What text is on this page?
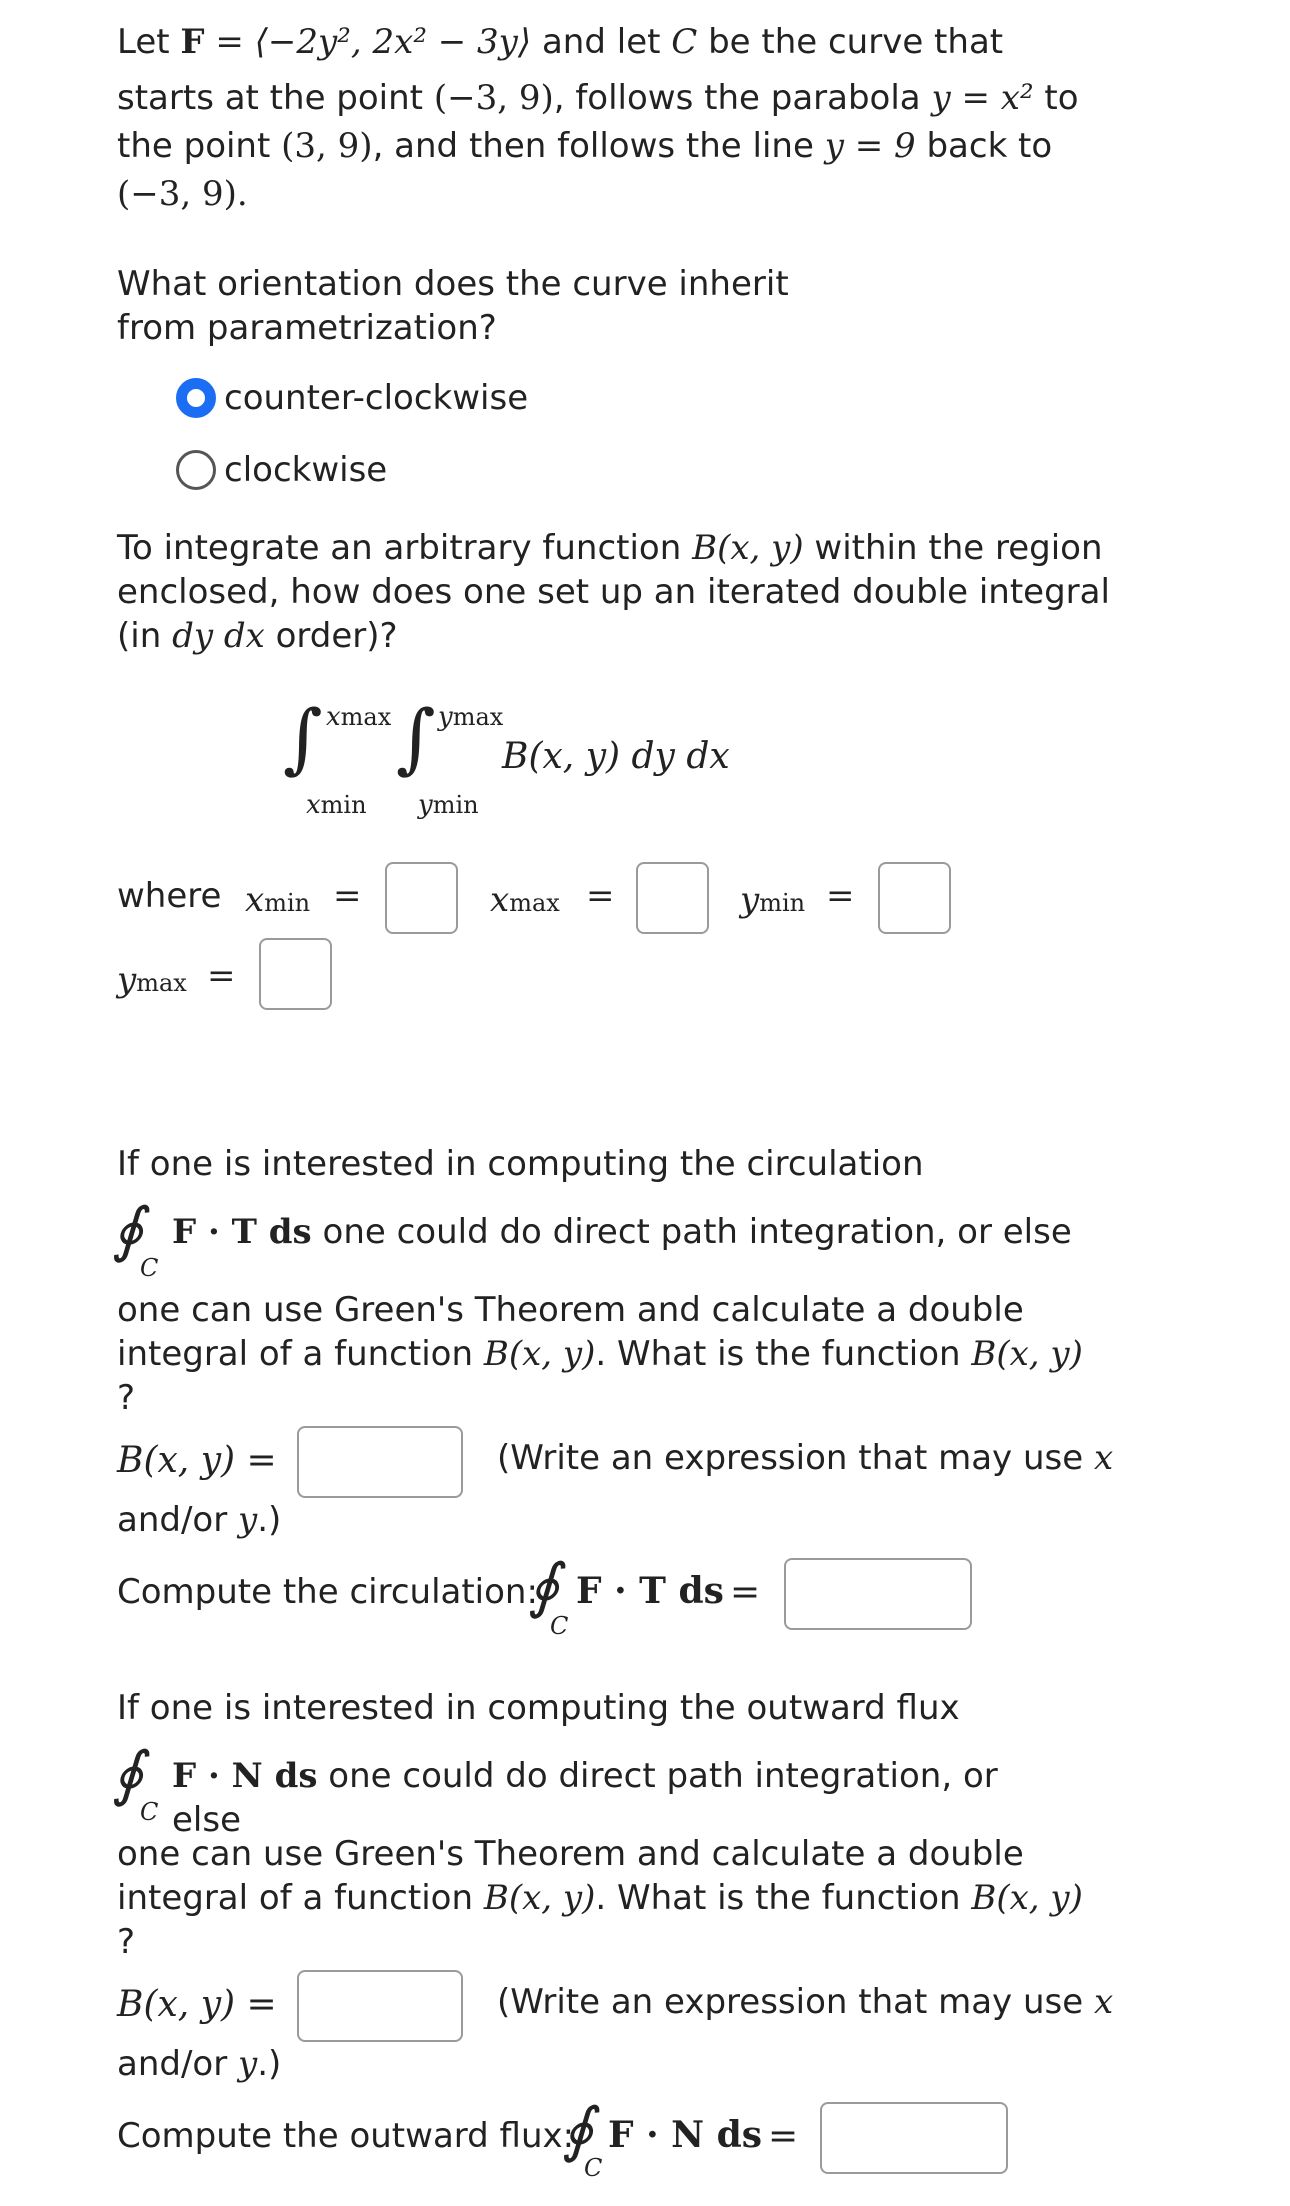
Let F = ⟨−2y², 2x² − 3y⟩ and let C be the curve that
starts at the point (−3, 9), follows the parabola y = x² to
the point (3, 9), and then follows the line y = 9 back to
(−3, 9).
What orientation does the curve inherit from parametrization?
counter-clockwise
clockwise
To integrate an arbitrary function B(x, y) within the region enclosed, how does one set up an iterated double integral (in dy dx order)?
∫ xmax
xmin
∫ ymax
ymin
B(x, y) dy dx
where xmin =	xmax =	ymin =
ymax =
If one is interested in computing the circulation
∮
C
F · T ds one could do direct path integration, or else
one can use Green's Theorem and calculate a double integral of a function B(x, y). What is the function B(x, y)
?
B(x, y) =	(Write an expression that may use x
and/or y.)
Compute the circulation:
∮
C
F · T ds =
If one is interested in computing the outward flux
∮
C
F · N ds one could do direct path integration, or else
one can use Green's Theorem and calculate a double integral of a function B(x, y). What is the function B(x, y)
?
B(x, y) =	(Write an expression that may use x
and/or y.)
Compute the outward flux:
∮
C
F · N ds =
